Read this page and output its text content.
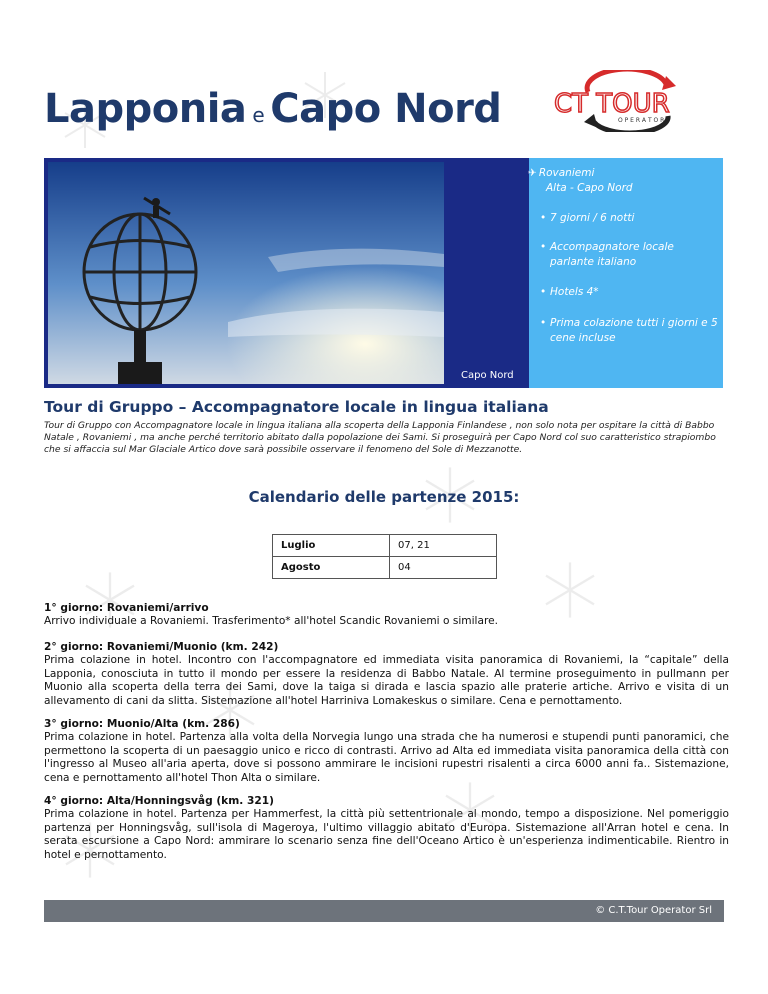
Lapponia e Capo Nord CT TOUR
O P E R A T O R
Capo Nord
✈ Rovaniemi
Alta - Capo Nord
• 7 giorni / 6 notti
• Accompagnatore locale parlante italiano
• Hotels 4*
• Prima colazione tutti i giorni e 5 cene incluse
Tour di Gruppo – Accompagnatore locale in lingua italiana
Tour di Gruppo con Accompagnatore locale in lingua italiana alla scoperta della Lapponia Finlandese , non solo nota per ospitare la città di Babbo Natale , Rovaniemi , ma anche perché territorio abitato dalla popolazione dei Sami. Si proseguirà per Capo Nord col suo caratteristico strapiombo che si affaccia sul Mar Glaciale Artico dove sarà possibile osservare il fenomeno del Sole di Mezzanotte.
Calendario delle partenze 2015:
Luglio	07, 21
Agosto	04
1° giorno: Rovaniemi/arrivo
Arrivo individuale a Rovaniemi. Trasferimento* all'hotel Scandic Rovaniemi o similare.
2° giorno: Rovaniemi/Muonio (km. 242)
Prima colazione in hotel. Incontro con l'accompagnatore ed immediata visita panoramica di Rovaniemi, la “capitale” della Lapponia, conosciuta in tutto il mondo per essere la residenza di Babbo Natale. Al termine proseguimento in pullmann per Muonio alla scoperta della terra dei Sami, dove la taiga si dirada e lascia spazio alle praterie artiche. Arrivo e visita di un allevamento di cani da slitta. Sistemazione all'hotel Harriniva Lomakeskus o similare. Cena e pernottamento.
3° giorno: Muonio/Alta (km. 286)
Prima colazione in hotel. Partenza alla volta della Norvegia lungo una strada che ha numerosi e stupendi punti panoramici, che permettono la scoperta di un paesaggio unico e ricco di contrasti. Arrivo ad Alta ed immediata visita panoramica della città con l'ingresso al Museo all'aria aperta, dove si possono ammirare le incisioni rupestri risalenti a circa 6000 anni fa.. Sistemazione, cena e pernottamento all'hotel Thon Alta o similare.
4° giorno: Alta/Honningsvåg (km. 321)
Prima colazione in hotel. Partenza per Hammerfest, la città più settentrionale al mondo, tempo a disposizione. Nel pomeriggio partenza per Honningsvåg, sull'isola di Mageroya, l'ultimo villaggio abitato d'Europa. Sistemazione all'Arran hotel e cena. In serata escursione a Capo Nord: ammirare lo scenario senza fine dell'Oceano Artico è un'esperienza indimenticabile. Rientro in hotel e pernottamento.
© C.T.Tour Operator Srl
